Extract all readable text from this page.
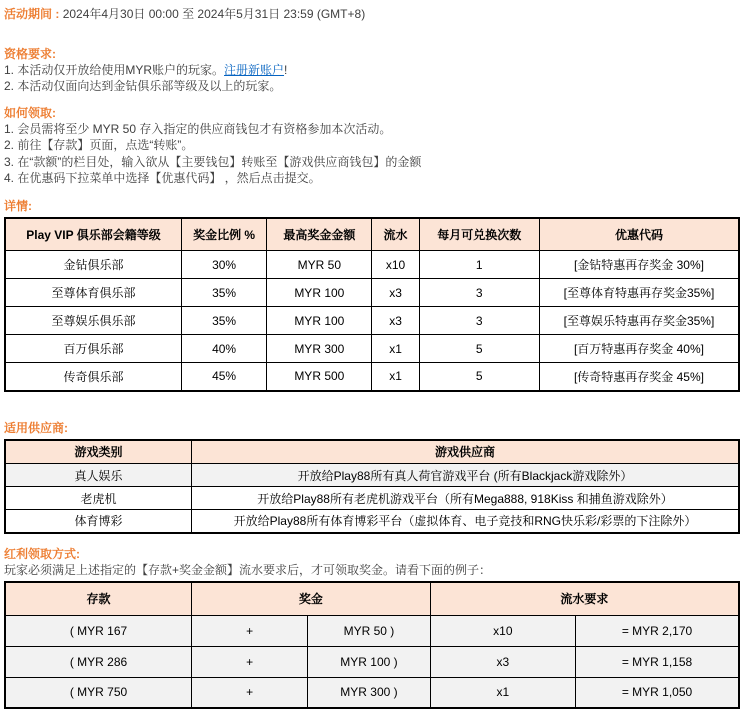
活动期间 : 2024年4月30日 00:00 至 2024年5月31日 23:59 (GMT+8)

资格要求:

1. 本活动仅开放给使用MYR账户的玩家。注册新账户!

2. 本活动仅面向达到金钻俱乐部等级及以上的玩家。

如何领取:

1. 会员需将至少 MYR 50 存入指定的供应商钱包才有资格参加本次活动。

2. 前往【存款】页面，点选“转账”。

3. 在“款额”的栏目处，输入欲从【主要钱包】转账至【游戏供应商钱包】的金额

4. 在优惠码下拉菜单中选择【优惠代码】 ，然后点击提交。

详情:

Play VIP 俱乐部会籍等级	奖金比例 %	最高奖金金额	流水	每月可兑换次数	优惠代码
金钻俱乐部	30%	MYR 50	x10	1	[金钻特惠再存奖金 30%]
至尊体育俱乐部	35%	MYR 100	x3	3	[至尊体育特惠再存奖金35%]
至尊娱乐俱乐部	35%	MYR 100	x3	3	[至尊娱乐特惠再存奖金35%]
百万俱乐部	40%	MYR 300	x1	5	[百万特惠再存奖金 40%]
传奇俱乐部	45%	MYR 500	x1	5	[传奇特惠再存奖金 45%]

适用供应商:

游戏类别	游戏供应商
真人娱乐	开放给Play88所有真人荷官游戏平台 (所有Blackjack游戏除外）
老虎机	开放给Play88所有老虎机游戏平台（所有Mega888, 918Kiss 和捕鱼游戏除外）
体育博彩	开放给Play88所有体育博彩平台（虚拟体育、电子竞技和RNG快乐彩/彩票的下注除外）

红利领取方式:

玩家必须满足上述指定的【存款+奖金金额】流水要求后，才可领取奖金。请看下面的例子：

存款	奖金		流水要求	
( MYR 167	+	MYR 50 )	x10	= MYR 2,170
( MYR 286	+	MYR 100 )	x3	= MYR 1,158
( MYR 750	+	MYR 300 )	x1	= MYR 1,050
